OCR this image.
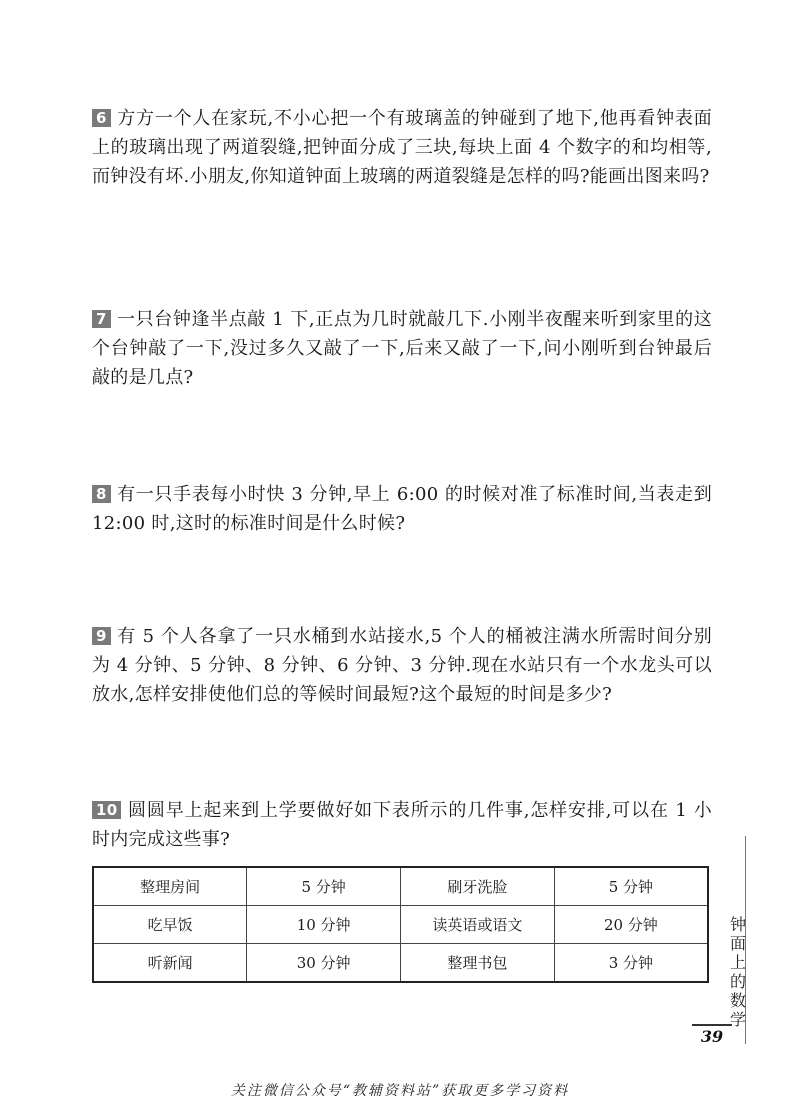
6 方方一个人在家玩,不小心把一个有玻璃盖的钟碰到了地下,他再看钟表面上的玻璃出现了两道裂缝,把钟面分成了三块,每块上面 4 个数字的和均相等,而钟没有坏.小朋友,你知道钟面上玻璃的两道裂缝是怎样的吗?能画出图来吗?
7 一只台钟逢半点敲 1 下,正点为几时就敲几下.小刚半夜醒来听到家里的这个台钟敲了一下,没过多久又敲了一下,后来又敲了一下,问小刚听到台钟最后敲的是几点?
8 有一只手表每小时快 3 分钟,早上 6:00 的时候对准了标准时间,当表走到 12:00 时,这时的标准时间是什么时候?
9 有 5 个人各拿了一只水桶到水站接水,5 个人的桶被注满水所需时间分别为 4 分钟、5 分钟、8 分钟、6 分钟、3 分钟.现在水站只有一个水龙头可以放水,怎样安排使他们总的等候时间最短?这个最短的时间是多少?
10 圆圆早上起来到上学要做好如下表所示的几件事,怎样安排,可以在 1 小时内完成这些事?
整理房间	5 分钟	刷牙洗脸	5 分钟
吃早饭	10 分钟	读英语或语文	20 分钟
听新闻	30 分钟	整理书包	3 分钟
钟面上的数学
39
关注微信公众号“教辅资料站”获取更多学习资料
